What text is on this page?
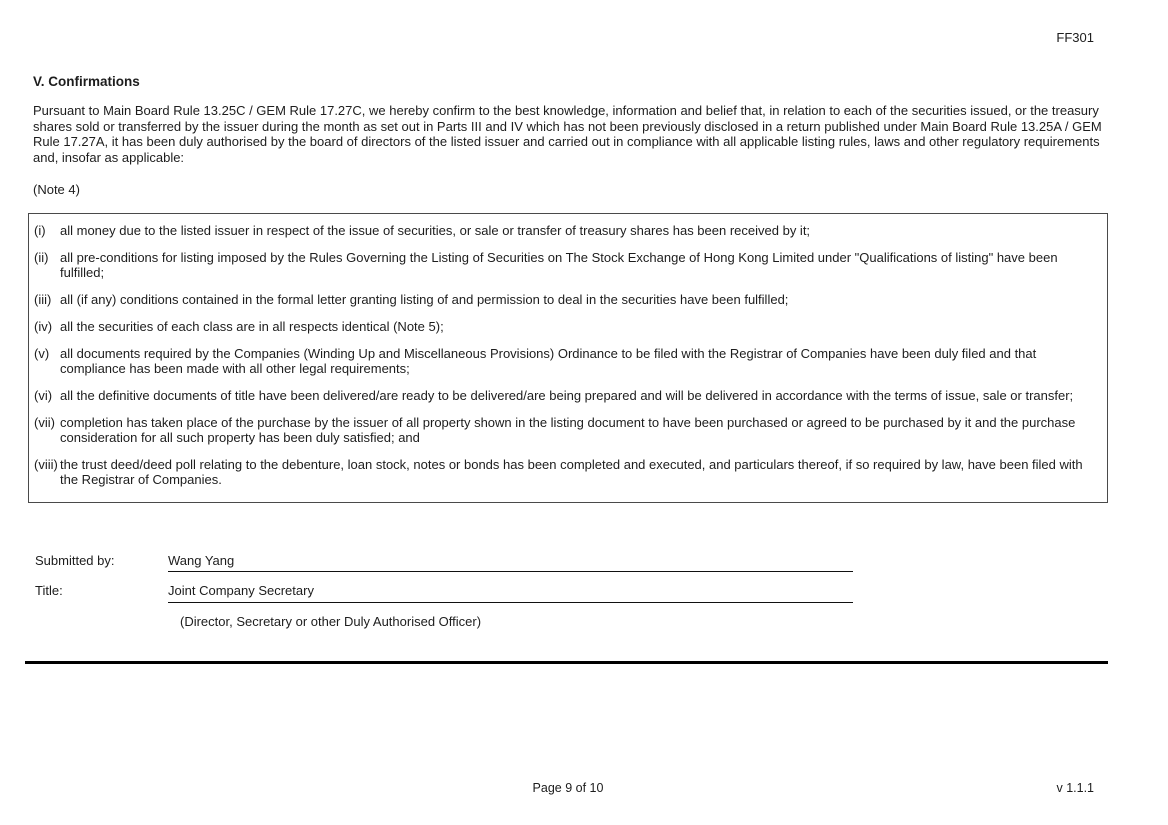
FF301
V. Confirmations
Pursuant to Main Board Rule 13.25C / GEM Rule 17.27C, we hereby confirm to the best knowledge, information and belief that, in relation to each of the securities issued, or the treasury shares sold or transferred by the issuer during the month as set out in Parts III and IV which has not been previously disclosed in a return published under Main Board Rule 13.25A / GEM Rule 17.27A, it has been duly authorised by the board of directors of the listed issuer and carried out in compliance with all applicable listing rules, laws and other regulatory requirements and, insofar as applicable:
(Note 4)
(i)	all money due to the listed issuer in respect of the issue of securities, or sale or transfer of treasury shares has been received by it;
(ii) all pre-conditions for listing imposed by the Rules Governing the Listing of Securities on The Stock Exchange of Hong Kong Limited under "Qualifications of listing" have been fulfilled;
(iii) all (if any) conditions contained in the formal letter granting listing of and permission to deal in the securities have been fulfilled;
(iv) all the securities of each class are in all respects identical (Note 5);
(v) all documents required by the Companies (Winding Up and Miscellaneous Provisions) Ordinance to be filed with the Registrar of Companies have been duly filed and that compliance has been made with all other legal requirements;
(vi) all the definitive documents of title have been delivered/are ready to be delivered/are being prepared and will be delivered in accordance with the terms of issue, sale or transfer;
(vii) completion has taken place of the purchase by the issuer of all property shown in the listing document to have been purchased or agreed to be purchased by it and the purchase consideration for all such property has been duly satisfied; and
(viii) the trust deed/deed poll relating to the debenture, loan stock, notes or bonds has been completed and executed, and particulars thereof, if so required by law, have been filed with the Registrar of Companies.
Submitted by:	Wang Yang
Title:	Joint Company Secretary
(Director, Secretary or other Duly Authorised Officer)
Page 9 of 10	v 1.1.1
